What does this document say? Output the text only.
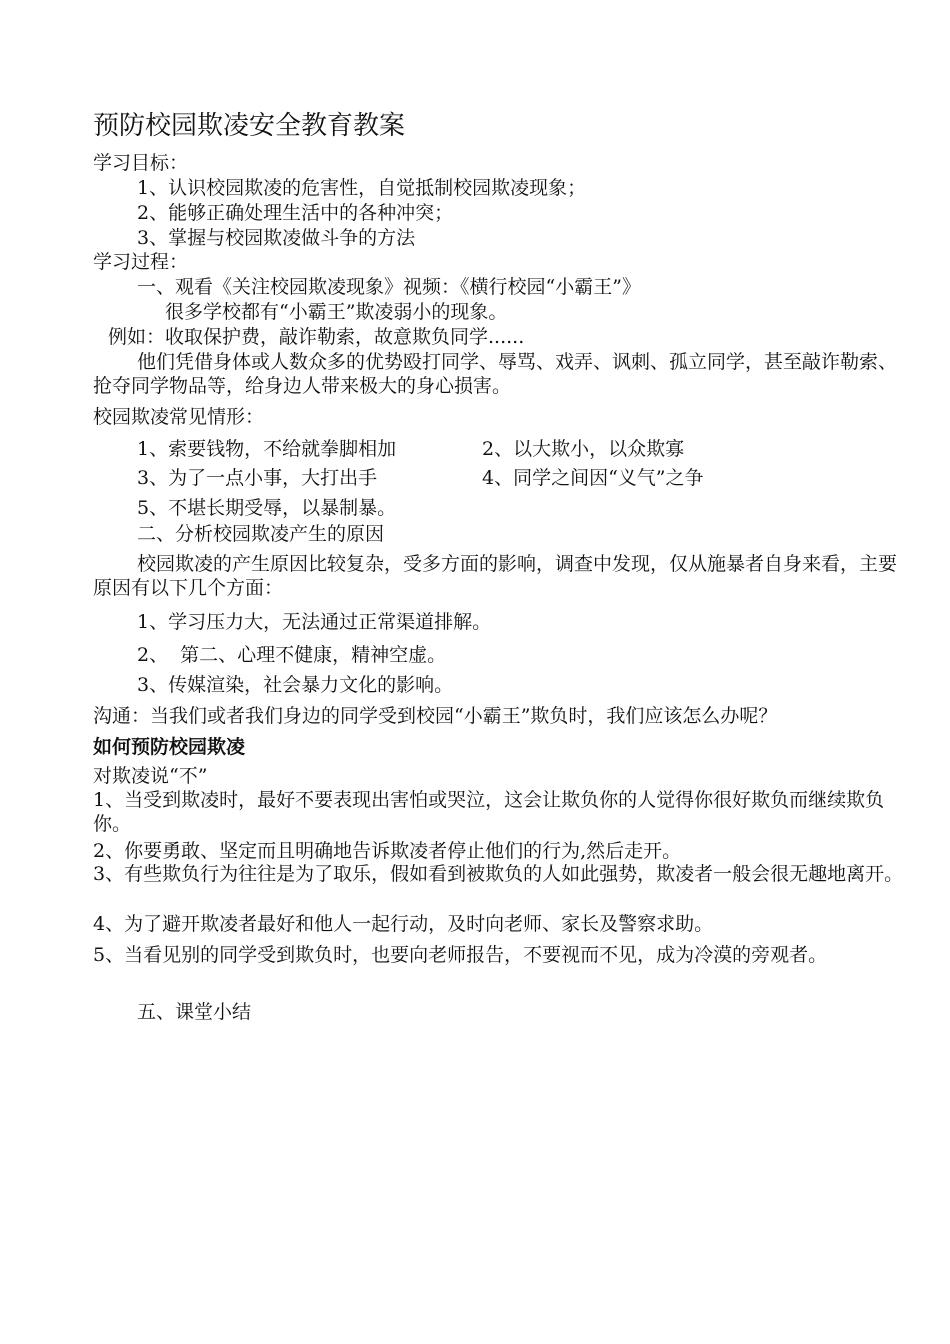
预防校园欺凌安全教育教案
学习目标：
1、认识校园欺凌的危害性，自觉抵制校园欺凌现象；
2、能够正确处理生活中的各种冲突；
3、掌握与校园欺凌做斗争的方法
学习过程：
一、观看《关注校园欺凌现象》视频：《横行校园“小霸王”》
很多学校都有“小霸王”欺凌弱小的现象。
例如：收取保护费，敲诈勒索，故意欺负同学......
他们凭借身体或人数众多的优势殴打同学、辱骂、戏弄、讽刺、孤立同学，甚至敲诈勒索、抢夺同学物品等，给身边人带来极大的身心损害。
校园欺凌常见情形：
1、索要钱物，不给就拳脚相加	2、以大欺小，以众欺寡
3、为了一点小事，大打出手	4、同学之间因“义气”之争
5、不堪长期受辱，以暴制暴。
二、分析校园欺凌产生的原因
校园欺凌的产生原因比较复杂，受多方面的影响，调查中发现，仅从施暴者自身来看，主要原因有以下几个方面：
1、学习压力大，无法通过正常渠道排解。
2、  第二、心理不健康，精神空虚。
3、传媒渲染，社会暴力文化的影响。
沟通：当我们或者我们身边的同学受到校园“小霸王”欺负时，我们应该怎么办呢？
如何预防校园欺凌
对欺凌说“不”
1、当受到欺凌时，最好不要表现出害怕或哭泣，这会让欺负你的人觉得你很好欺负而继续欺负你。
2、你要勇敢、坚定而且明确地告诉欺凌者停止他们的行为,然后走开。
3、有些欺负行为往往是为了取乐，假如看到被欺负的人如此强势，欺凌者一般会很无趣地离开。
4、为了避开欺凌者最好和他人一起行动，及时向老师、家长及警察求助。
5、当看见别的同学受到欺负时，也要向老师报告，不要视而不见，成为冷漠的旁观者。
五、课堂小结
